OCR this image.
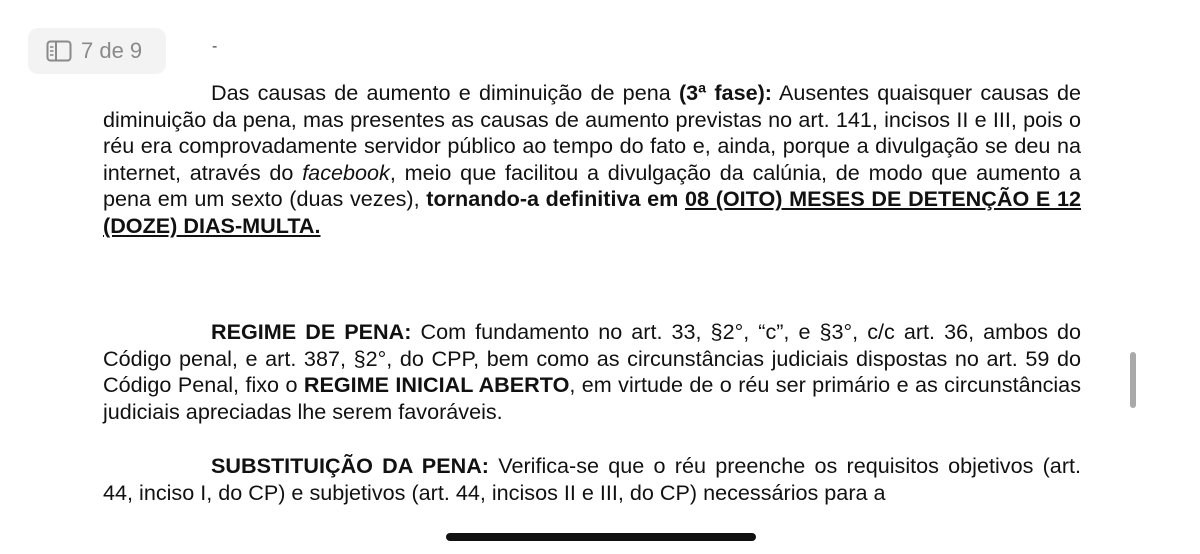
7 de 9	-
Das causas de aumento e diminuição de pena (3ª fase): Ausentes quaisquer causas de diminuição da pena, mas presentes as causas de aumento previstas no art. 141, incisos II e III, pois o réu era comprovadamente servidor público ao tempo do fato e, ainda, porque a divulgação se deu na internet, através do facebook, meio que facilitou a divulgação da calúnia, de modo que aumento a pena em um sexto (duas vezes), tornando-a definitiva em 08 (OITO) MESES DE DETENÇÃO E 12 (DOZE) DIAS-MULTA.
REGIME DE PENA: Com fundamento no art. 33, §2°, “c”, e §3°, c/c art. 36, ambos do Código penal, e art. 387, §2°, do CPP, bem como as circunstâncias judiciais dispostas no art. 59 do Código Penal, fixo o REGIME INICIAL ABERTO, em virtude de o réu ser primário e as circunstâncias judiciais apreciadas lhe serem favoráveis.
SUBSTITUIÇÃO DA PENA: Verifica-se que o réu preenche os requisitos objetivos (art. 44, inciso I, do CP) e subjetivos (art. 44, incisos II e III, do CP) necessários para a
